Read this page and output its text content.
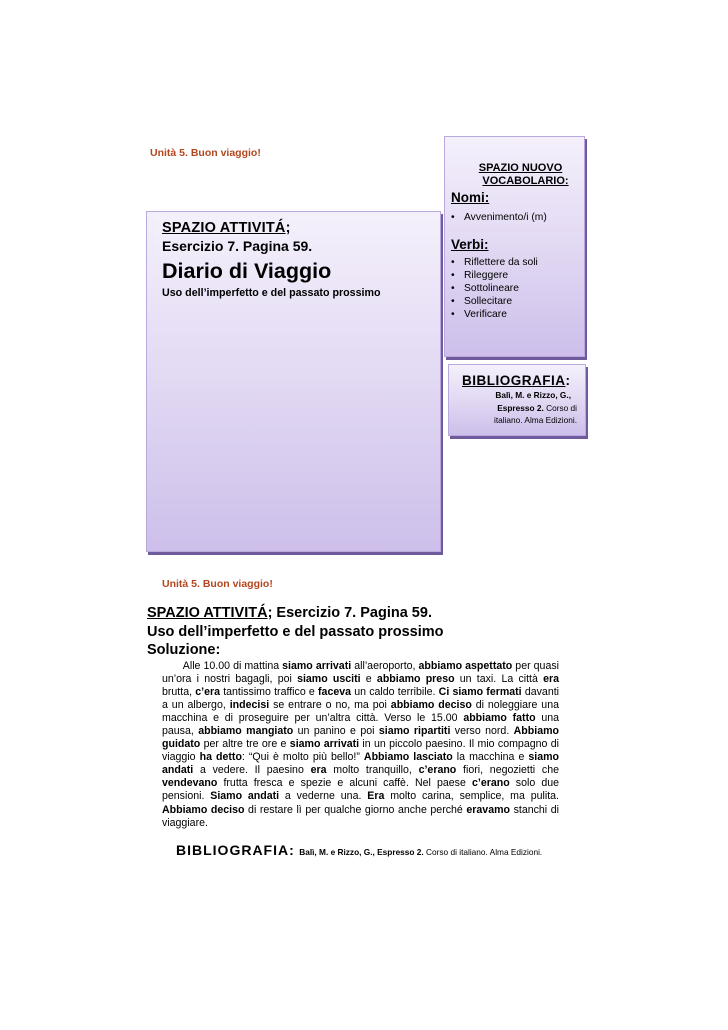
Unità 5. Buon viaggio!
SPAZIO ATTIVITÁ;
Esercizio 7. Pagina 59.
Diario di Viaggio
Uso dell’imperfetto e del passato prossimo
SPAZIO NUOVO
VOCABOLARIO:
Nomi:
• Avvenimento/i (m)
Verbi:
• Riflettere da soli
• Rileggere
• Sottolineare
• Sollecitare
• Verificare
BIBLIOGRAFIA:
Balì, M. e Rizzo, G.,
Espresso 2. Corso di
italiano. Alma Edizioni.
Unità 5. Buon viaggio!
SPAZIO ATTIVITÁ; Esercizio 7. Pagina 59.
Uso dell’imperfetto e del passato prossimo
Soluzione:
Alle 10.00 di mattina siamo arrivati all’aeroporto, abbiamo aspettato per quasi un’ora i nostri bagagli, poi siamo usciti e abbiamo preso un taxi. La città era brutta, c’era tantissimo traffico e faceva un caldo terribile. Ci siamo fermati davanti a un albergo, indecisi se entrare o no, ma poi abbiamo deciso di noleggiare una macchina e di proseguire per un’altra città. Verso le 15.00 abbiamo fatto una pausa, abbiamo mangiato un panino e poi siamo ripartiti verso nord. Abbiamo guidato per altre tre ore e siamo arrivati in un piccolo paesino. Il mio compagno di viaggio ha detto: “Qui è molto più bello!” Abbiamo lasciato la macchina e siamo andati a vedere. Il paesino era molto tranquillo, c’erano fiori, negozietti che vendevano frutta fresca e spezie e alcuni caffè. Nel paese c’erano solo due pensioni. Siamo andati a vederne una. Era molto carina, semplice, ma pulita. Abbiamo deciso di restare lì per qualche giorno anche perché eravamo stanchi di viaggiare.
BIBLIOGRAFIA: Balì, M. e Rizzo, G., Espresso 2. Corso di italiano. Alma Edizioni.
